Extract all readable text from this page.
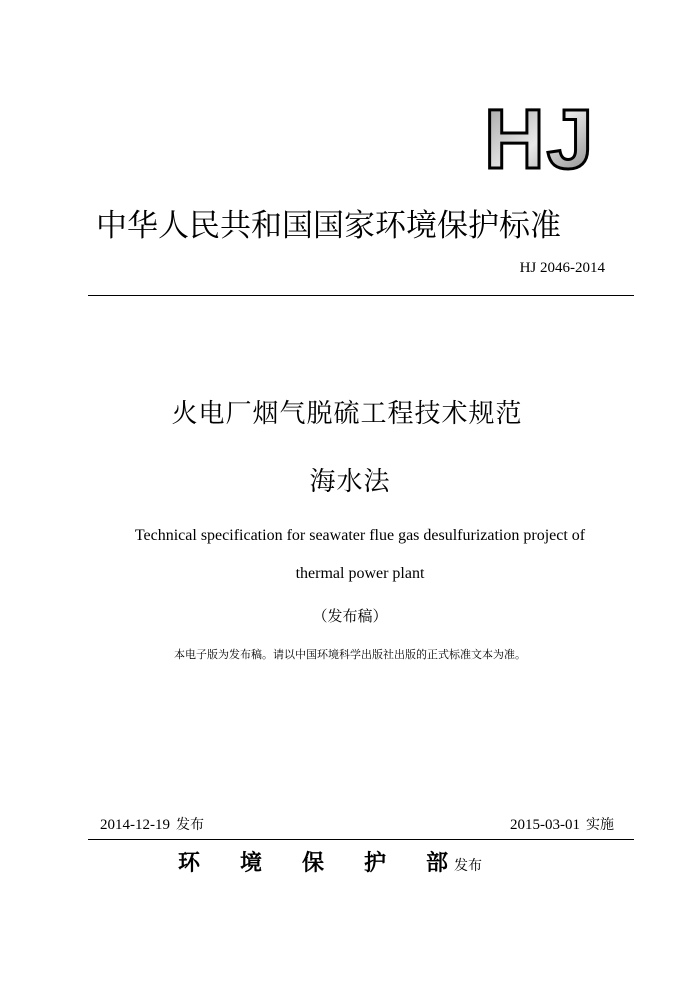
HJ
中华人民共和国国家环境保护标准
HJ 2046-2014
火电厂烟气脱硫工程技术规范
海水法
Technical specification for seawater flue gas desulfurization project of
thermal power plant
（发布稿）
本电子版为发布稿。请以中国环境科学出版社出版的正式标准文本为准。
2014-12-19 发布	2015-03-01 实施
环	境	保	护	部 发布
